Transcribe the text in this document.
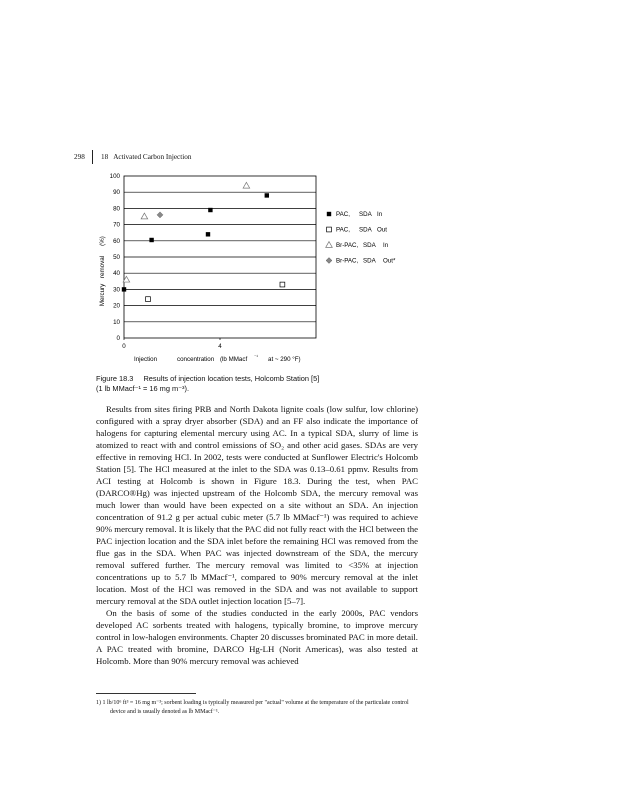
298	18 Activated Carbon Injection
0
10
20
30
40
50
60
70
80
90
100
0	4
Mercury
removal
(%)
Injection	concentration (lb MMacf ⁻¹ at ~ 290 °F)
PAC, SDA In
PAC, SDA Out
Br-PAC, SDA In
Br-PAC, SDA Out*
Figure 18.3 Results of injection location tests, Holcomb Station [5]
(1 lb MMacf⁻¹ = 16 mg m⁻³).

Results from sites firing PRB and North Dakota lignite coals (low sulfur, low chlorine) configured with a spray dryer absorber (SDA) and an FF also indicate the importance of halogens for capturing elemental mercury using AC. In a typical SDA, slurry of lime is atomized to react with and control emissions of SO₂ and other acid gases. SDAs are very effective in removing HCl. In 2002, tests were conducted at Sunflower Electric's Holcomb Station [5]. The HCl measured at the inlet to the SDA was 0.13–0.61 ppmv. Results from ACI testing at Holcomb is shown in Figure 18.3. During the test, when PAC (DARCO®Hg) was injected upstream of the Holcomb SDA, the mercury removal was much lower than would have been expected on a site without an SDA. An injection concentration of 91.2 g per actual cubic meter (5.7 lb MMacf⁻¹) was required to achieve 90% mercury removal. It is likely that the PAC did not fully react with the HCl between the PAC injection location and the SDA inlet before the remaining HCl was removed from the flue gas in the SDA. When PAC was injected downstream of the SDA, the mercury removal suffered further. The mercury removal was limited to <35% at injection concentrations up to 5.7 lb MMacf⁻¹, compared to 90% mercury removal at the inlet location. Most of the HCl was removed in the SDA and was not available to support mercury removal at the SDA outlet injection location [5–7].

On the basis of some of the studies conducted in the early 2000s, PAC vendors developed AC sorbents treated with halogens, typically bromine, to improve mercury control in low-halogen environments. Chapter 20 discusses brominated PAC in more detail. A PAC treated with bromine, DARCO Hg-LH (Norit Americas), was also tested at Holcomb. More than 90% mercury removal was achieved

1) 1 lb/10⁶ ft³ = 16 mg m⁻³; sorbent loading is typically measured per "actual" volume at the temperature of the particulate control device and is usually denoted as lb MMacf⁻¹.
